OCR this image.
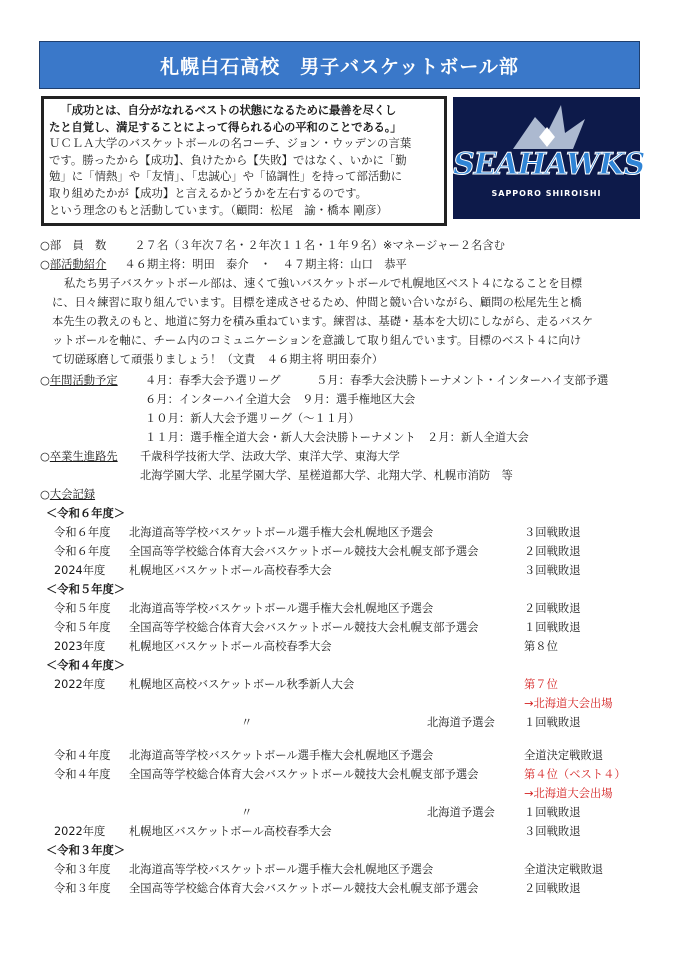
札幌白石高校　男子バスケットボール部
「成功とは、自分がなれるベストの状態になるために最善を尽くし
たと自覚し、満足することによって得られる心の平和のことである。」
ＵＣＬＡ大学のバスケットボールの名コーチ、ジョン・ウッデンの言葉
です。勝ったから【成功】、負けたから【失敗】ではなく、いかに「勤
勉」に「情熱」や「友情」、「忠誠心」や「協調性」を持って部活動に
取り組めたかが【成功】と言えるかどうかを左右するのです。
という理念のもと活動しています。（顧問：松尾　諭・橋本 剛彦）
SEAHAWKS
SAPPORO SHIROISHI
○部　員　数 ２７名（３年次７名・２年次１１名・１年９名）※マネージャー２名含む
○部活動紹介 ４６期主将：明田　泰介　・　４７期主将：山口　恭平
私たち男子バスケットボール部は、速くて強いバスケットボールで札幌地区ベスト４になることを目標
に、日々練習に取り組んでいます。目標を達成させるため、仲間と競い合いながら、顧問の松尾先生と橋
本先生の教えのもと、地道に努力を積み重ねています。練習は、基礎・基本を大切にしながら、走るバスケ
ットボールを軸に、チーム内のコミュニケーションを意識して取り組んでいます。目標のベスト４に向け
て切磋琢磨して頑張りましょう！（文責　４６期主将 明田泰介）
○年間活動予定 ４月：春季大会予選リーグ	５月：春季大会決勝トーナメント・インターハイ支部予選
６月：インターハイ全道大会　９月：選手権地区大会
１０月：新人大会予選リーグ（～１１月）
１１月：選手権全道大会・新人大会決勝トーナメント　２月：新人全道大会
○卒業生進路先 千歳科学技術大学、法政大学、東洋大学、東海大学
北海学園大学、北星学園大学、星槎道都大学、北翔大学、札幌市消防　等
○大会記録
＜令和６年度＞
令和６年度 北海道高等学校バスケットボール選手権大会札幌地区予選会	３回戦敗退
令和６年度 全国高等学校総合体育大会バスケットボール競技大会札幌支部予選会	２回戦敗退
2024年度 札幌地区バスケットボール高校春季大会	３回戦敗退
＜令和５年度＞
令和５年度 北海道高等学校バスケットボール選手権大会札幌地区予選会	２回戦敗退
令和５年度 全国高等学校総合体育大会バスケットボール競技大会札幌支部予選会	１回戦敗退
2023年度 札幌地区バスケットボール高校春季大会	第８位
＜令和４年度＞
2022年度 札幌地区高校バスケットボール秋季新人大会	第７位
→北海道大会出場
〃	北海道予選会	１回戦敗退
令和４年度 北海道高等学校バスケットボール選手権大会札幌地区予選会	全道決定戦敗退
令和４年度 全国高等学校総合体育大会バスケットボール競技大会札幌支部予選会	第４位（ベスト４）
→北海道大会出場
〃	北海道予選会	１回戦敗退
2022年度 札幌地区バスケットボール高校春季大会	３回戦敗退
＜令和３年度＞
令和３年度 北海道高等学校バスケットボール選手権大会札幌地区予選会	全道決定戦敗退
令和３年度 全国高等学校総合体育大会バスケットボール競技大会札幌支部予選会	２回戦敗退
